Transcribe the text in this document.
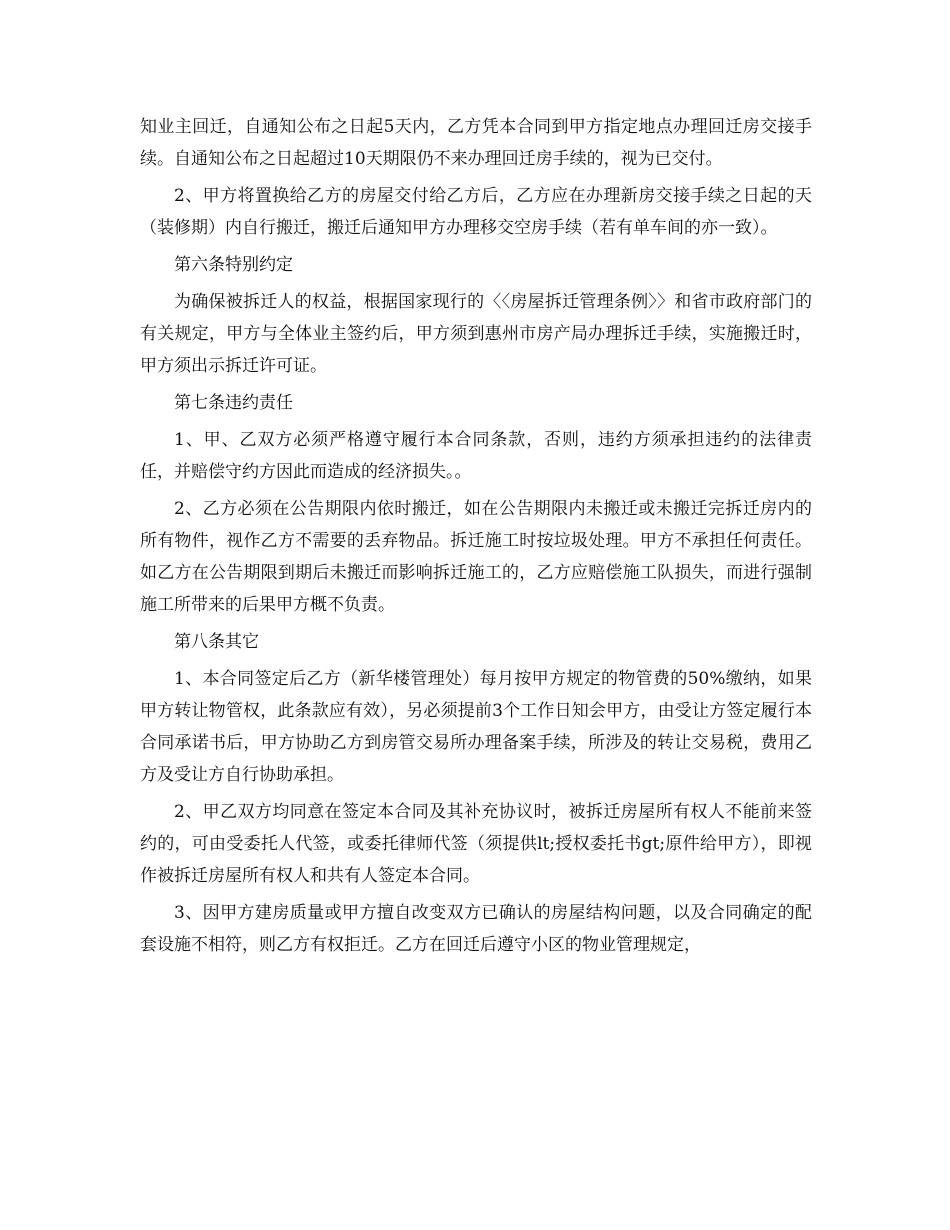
知业主回迁，自通知公布之日起5天内，乙方凭本合同到甲方指定地点办理回迁房交接手续。自通知公布之日起超过10天期限仍不来办理回迁房手续的，视为已交付。

2、甲方将置换给乙方的房屋交付给乙方后，乙方应在办理新房交接手续之日起的天（装修期）内自行搬迁，搬迁后通知甲方办理移交空房手续（若有单车间的亦一致）。

第六条特别约定

为确保被拆迁人的权益，根据国家现行的〈〈房屋拆迁管理条例〉〉和省市政府部门的有关规定，甲方与全体业主签约后，甲方须到惠州市房产局办理拆迁手续，实施搬迁时，甲方须出示拆迁许可证。

第七条违约责任

1、甲、乙双方必须严格遵守履行本合同条款，否则，违约方须承担违约的法律责任，并赔偿守约方因此而造成的经济损失。。

2、乙方必须在公告期限内依时搬迁，如在公告期限内未搬迁或未搬迁完拆迁房内的所有物件，视作乙方不需要的丢弃物品。拆迁施工时按垃圾处理。甲方不承担任何责任。如乙方在公告期限到期后未搬迁而影响拆迁施工的，乙方应赔偿施工队损失，而进行强制施工所带来的后果甲方概不负责。

第八条其它

1、本合同签定后乙方（新华楼管理处）每月按甲方规定的物管费的50%缴纳，如果甲方转让物管权，此条款应有效），另必须提前3个工作日知会甲方，由受让方签定履行本合同承诺书后，甲方协助乙方到房管交易所办理备案手续，所涉及的转让交易税，费用乙方及受让方自行协助承担。

2、甲乙双方均同意在签定本合同及其补充协议时，被拆迁房屋所有权人不能前来签约的，可由受委托人代签，或委托律师代签（须提供lt;授权委托书gt;原件给甲方），即视作被拆迁房屋所有权人和共有人签定本合同。

3、因甲方建房质量或甲方擅自改变双方已确认的房屋结构问题，以及合同确定的配套设施不相符，则乙方有权拒迁。乙方在回迁后遵守小区的物业管理规定，
